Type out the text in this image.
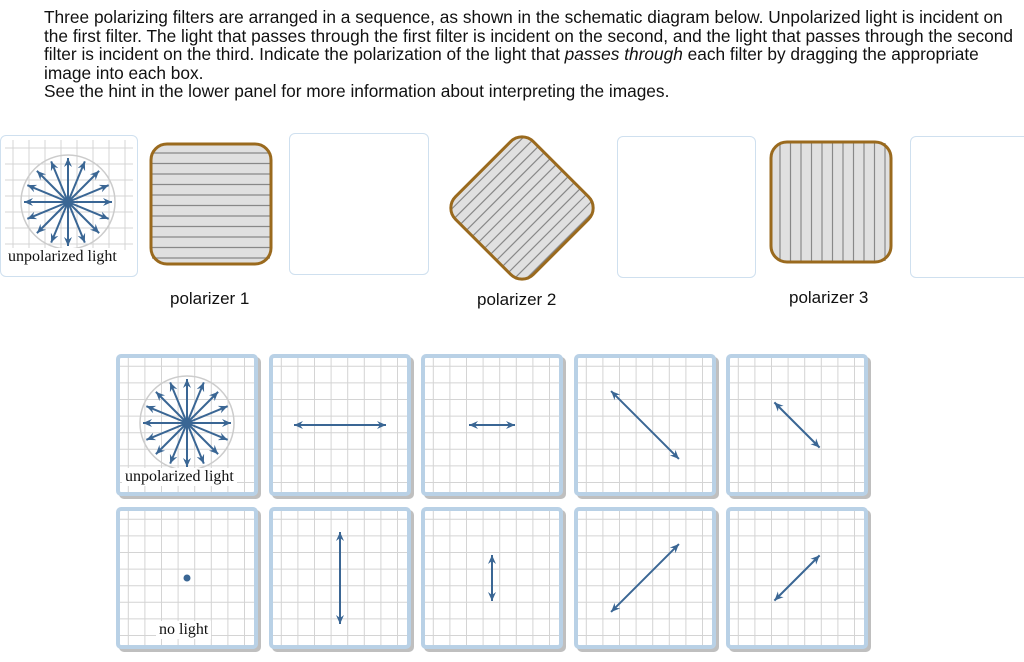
Three polarizing filters are arranged in a sequence, as shown in the schematic diagram below. Unpolarized light is incident on the first filter. The light that passes through the first filter is incident on the second, and the light that passes through the second filter is incident on the third. Indicate the polarization of the light that passes through each filter by dragging the appropriate image into each box.

See the hint in the lower panel for more information about interpreting the images.

unpolarized light
polarizer 1	polarizer 2	polarizer 3
unpolarized light
no light
